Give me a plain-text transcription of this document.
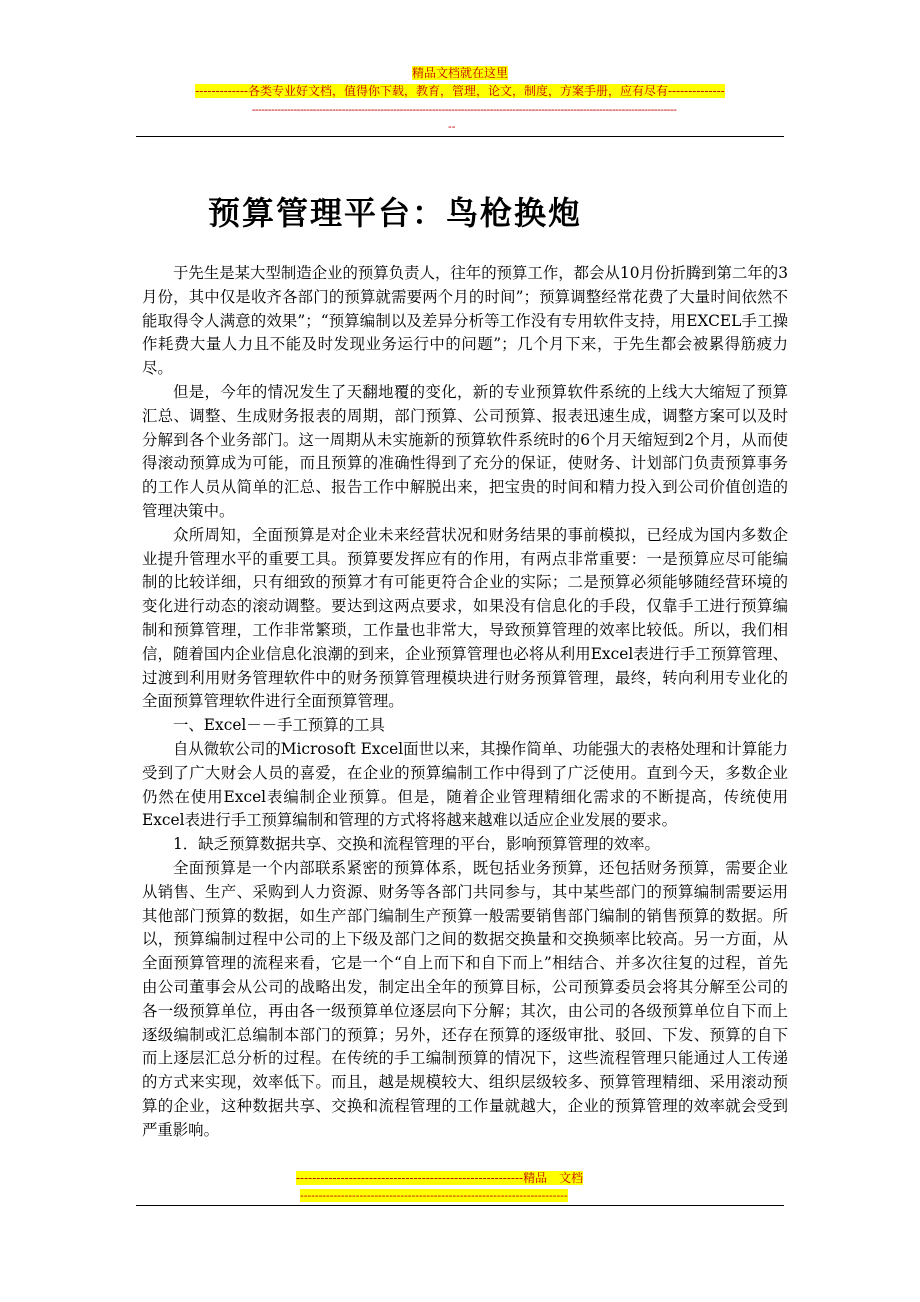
精品文档就在这里
-------------各类专业好文档，值得你下载，教育，管理，论文，制度，方案手册，应有尽有--------------
------------------------------------------------------------------------------------------------------------------------------------
--
预算管理平台：鸟枪换炮

于先生是某大型制造企业的预算负责人，往年的预算工作，都会从10月份折腾到第二年的3月份，其中仅是收齐各部门的预算就需要两个月的时间”；预算调整经常花费了大量时间依然不能取得令人满意的效果”；“预算编制以及差异分析等工作没有专用软件支持，用EXCEL手工操作耗费大量人力且不能及时发现业务运行中的问题”；几个月下来，于先生都会被累得筋疲力尽。

但是，今年的情况发生了天翻地覆的变化，新的专业预算软件系统的上线大大缩短了预算汇总、调整、生成财务报表的周期，部门预算、公司预算、报表迅速生成，调整方案可以及时分解到各个业务部门。这一周期从未实施新的预算软件系统时的6个月天缩短到2个月，从而使得滚动预算成为可能，而且预算的准确性得到了充分的保证，使财务、计划部门负责预算事务的工作人员从简单的汇总、报告工作中解脱出来，把宝贵的时间和精力投入到公司价值创造的管理决策中。

众所周知，全面预算是对企业未来经营状况和财务结果的事前模拟，已经成为国内多数企业提升管理水平的重要工具。预算要发挥应有的作用，有两点非常重要：一是预算应尽可能编制的比较详细，只有细致的预算才有可能更符合企业的实际；二是预算必须能够随经营环境的变化进行动态的滚动调整。要达到这两点要求，如果没有信息化的手段，仅靠手工进行预算编制和预算管理，工作非常繁琐，工作量也非常大，导致预算管理的效率比较低。所以，我们相信，随着国内企业信息化浪潮的到来，企业预算管理也必将从利用Excel表进行手工预算管理、过渡到利用财务管理软件中的财务预算管理模块进行财务预算管理，最终，转向利用专业化的全面预算管理软件进行全面预算管理。

一、Excel－－手工预算的工具

自从微软公司的Microsoft Excel面世以来，其操作简单、功能强大的表格处理和计算能力受到了广大财会人员的喜爱，在企业的预算编制工作中得到了广泛使用。直到今天，多数企业仍然在使用Excel表编制企业预算。但是，随着企业管理精细化需求的不断提高，传统使用Excel表进行手工预算编制和管理的方式将将越来越难以适应企业发展的要求。

1．缺乏预算数据共享、交换和流程管理的平台，影响预算管理的效率。

全面预算是一个内部联系紧密的预算体系，既包括业务预算，还包括财务预算，需要企业从销售、生产、采购到人力资源、财务等各部门共同参与，其中某些部门的预算编制需要运用其他部门预算的数据，如生产部门编制生产预算一般需要销售部门编制的销售预算的数据。所以，预算编制过程中公司的上下级及部门之间的数据交换量和交换频率比较高。另一方面，从全面预算管理的流程来看，它是一个“自上而下和自下而上”相结合、并多次往复的过程，首先由公司董事会从公司的战略出发，制定出全年的预算目标，公司预算委员会将其分解至公司的各一级预算单位，再由各一级预算单位逐层向下分解；其次，由公司的各级预算单位自下而上逐级编制或汇总编制本部门的预算；另外，还存在预算的逐级审批、驳回、下发、预算的自下而上逐层汇总分析的过程。在传统的手工编制预算的情况下，这些流程管理只能通过人工传递的方式来实现，效率低下。而且，越是规模较大、组织层级较多、预算管理精细、采用滚动预算的企业，这种数据共享、交换和流程管理的工作量就越大，企业的预算管理的效率就会受到严重影响。

--------------------------------------------------------精品　文档
------------------------------------------------------------------------
